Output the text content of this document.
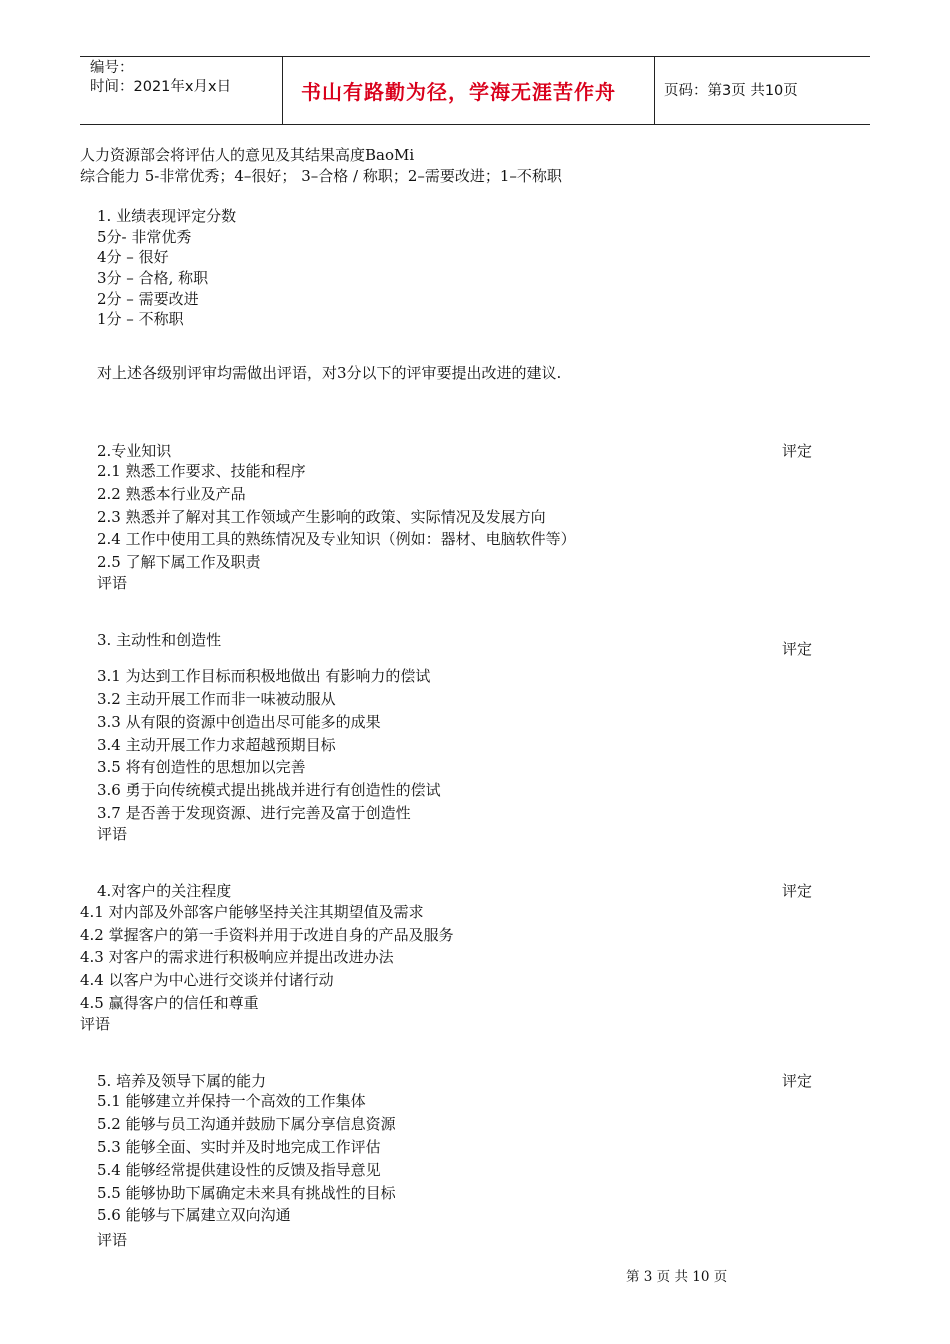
编号：
时间：2021年x月x日	书山有路勤为径，学海无涯苦作舟	页码：第3页 共10页
人力资源部会将评估人的意见及其结果高度BaoMi
综合能力 5-非常优秀；4–很好； 3–合格 / 称职；2–需要改进；1–不称职
1. 业绩表现评定分数
5分- 非常优秀
4分 – 很好
3分 – 合格, 称职
2分 – 需要改进
1分 – 不称职
对上述各级别评审均需做出评语，对3分以下的评审要提出改进的建议.
2.专业知识	评定
2.1 熟悉工作要求、技能和程序
2.2 熟悉本行业及产品
2.3 熟悉并了解对其工作领域产生影响的政策、实际情况及发展方向
2.4 工作中使用工具的熟练情况及专业知识（例如：器材、电脑软件等）
2.5 了解下属工作及职责
评语
3. 主动性和创造性	评定
3.1 为达到工作目标而积极地做出 有影响力的偿试
3.2 主动开展工作而非一味被动服从
3.3 从有限的资源中创造出尽可能多的成果
3.4 主动开展工作力求超越预期目标
3.5 将有创造性的思想加以完善
3.6 勇于向传统模式提出挑战并进行有创造性的偿试
3.7 是否善于发现资源、进行完善及富于创造性
评语
4.对客户的关注程度	评定
4.1 对内部及外部客户能够坚持关注其期望值及需求
4.2 掌握客户的第一手资料并用于改进自身的产品及服务
4.3 对客户的需求进行积极响应并提出改进办法
4.4 以客户为中心进行交谈并付诸行动
4.5 赢得客户的信任和尊重
评语
5. 培养及领导下属的能力	评定
5.1 能够建立并保持一个高效的工作集体
5.2 能够与员工沟通并鼓励下属分享信息资源
5.3 能够全面、实时并及时地完成工作评估
5.4 能够经常提供建设性的反馈及指导意见
5.5 能够协助下属确定未来具有挑战性的目标
5.6 能够与下属建立双向沟通
评语
第 3 页 共 10 页
